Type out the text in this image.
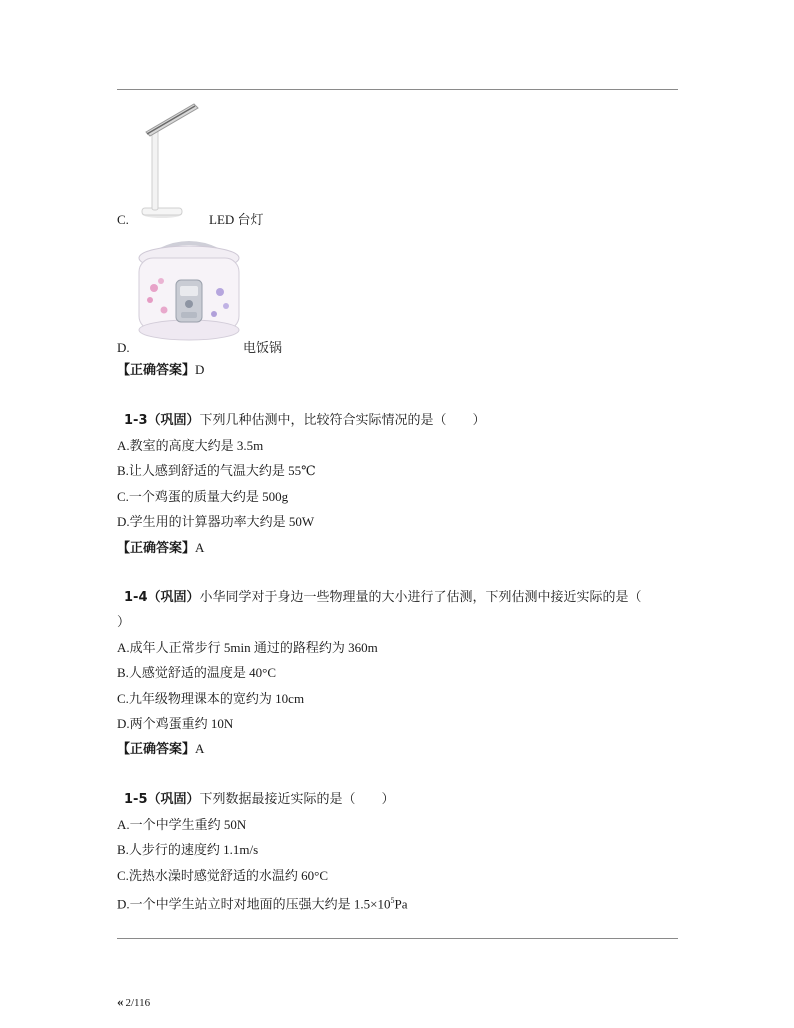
C.	LED 台灯
D.	电饭锅
【正确答案】D
1-3（巩固）下列几种估测中，比较符合实际情况的是（　　）
A.教室的高度大约是 3.5m
B.让人感到舒适的气温大约是 55℃
C.一个鸡蛋的质量大约是 500g
D.学生用的计算器功率大约是 50W
【正确答案】A
1-4（巩固）小华同学对于身边一些物理量的大小进行了估测，下列估测中接近实际的是（
）
A.成年人正常步行 5min 通过的路程约为 360m
B.人感觉舒适的温度是 40°C
C.九年级物理课本的宽约为 10cm
D.两个鸡蛋重约 10N
【正确答案】A
1-5（巩固）下列数据最接近实际的是（　　）
A.一个中学生重约 50N
B.人步行的速度约 1.1m/s
C.洗热水澡时感觉舒适的水温约 60°C
D.一个中学生站立时对地面的压强大约是 $1.5\times 10^5Pa$
« 2/116
